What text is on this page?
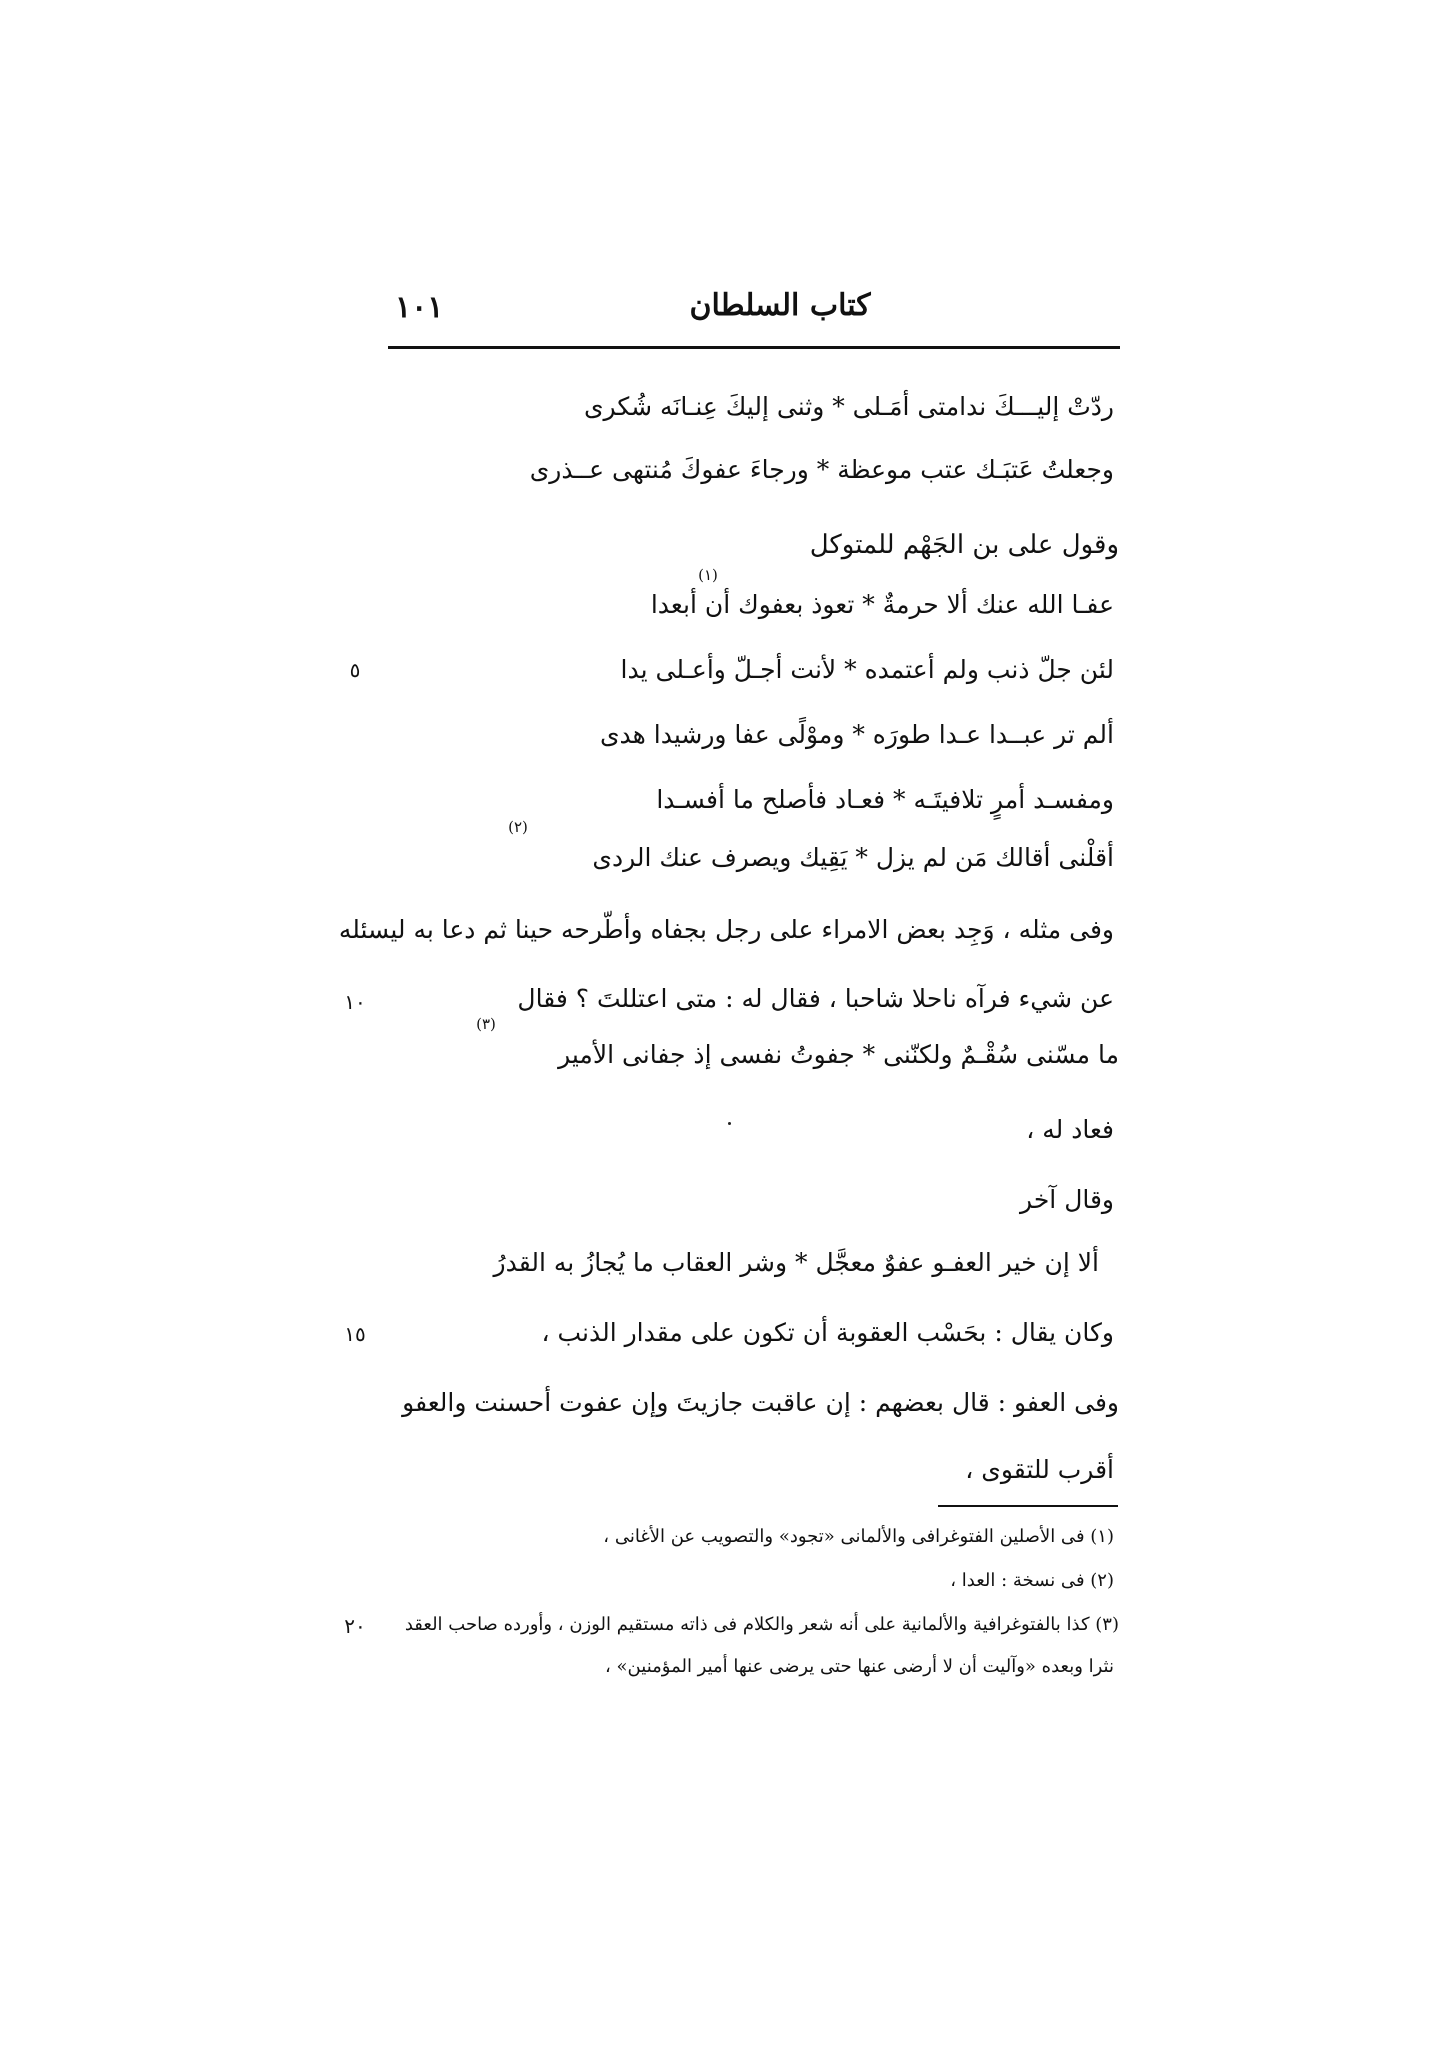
كتاب السلطان
١٠١
ردّتْ إليـــكَ ندامتى أمَـلى * وثنى إليكَ عِنـانَه شُكرى
وجعلتُ عَتبَـك عتب موعظة * ورجاءَ عفوكَ مُنتهى عــذرى
وقول على بن الجَهْم للمتوكل
(١)
عفـا الله عنك ألا حرمةٌ * تعوذ بعفوك أن أبعدا
لئن جلّ ذنب ولم أعتمده * لأنت أجـلّ وأعـلى يدا
٥
ألم تر عبــدا عـدا طورَه * وموْلًى عفا ورشيدا هدى
ومفسـد أمرٍ تلافيتَـه * فعـاد فأصلح ما أفسـدا
(٢)
أقلْنى أقالك مَن لم يزل * يَقِيك ويصرف عنك الردى
وفى مثله ، وَجِد بعض الامراء على رجل بجفاه وأطّرحه حينا ثم دعا به ليسئله
عن شيء فرآه ناحلا شاحبا ، فقال له : متى اعتللتَ ؟ فقال
١٠
(٣)
ما مسّنى سُقْـمٌ ولكنّنى * جفوتُ نفسى إذ جفانى الأمير
فعاد له ،
وقال آخر
ألا إن خير العفـو عفوٌ معجَّل * وشر العقاب ما يُجازُ به القدرُ
وكان يقال : بحَسْب العقوبة أن تكون على مقدار الذنب ،
١٥
وفى العفو : قال بعضهم : إن عاقبت جازيتَ وإن عفوت أحسنت والعفو
أقرب للتقوى ،
(١) فى الأصلين الفتوغرافى والألمانى «تجود» والتصويب عن الأغانى ،
(٢) فى نسخة : العدا ،
(٣) كذا بالفتوغرافية والألمانية على أنه شعر والكلام فى ذاته مستقيم الوزن ، وأورده صاحب العقد
٢٠
نثرا وبعده «وآليت أن لا أرضى عنها حتى يرضى عنها أمير المؤمنين» ،
